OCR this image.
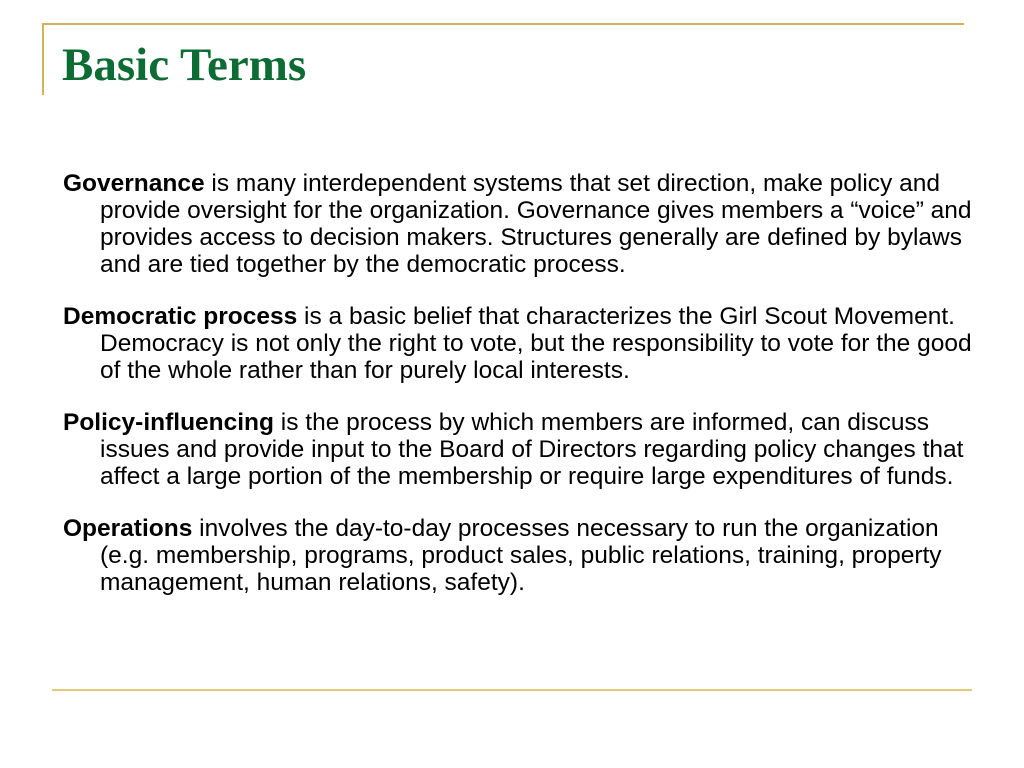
Basic Terms

Governance is many interdependent systems that set direction, make policy and provide oversight for the organization. Governance gives members a “voice” and provides access to decision makers. Structures generally are defined by bylaws and are tied together by the democratic process.

Democratic process is a basic belief that characterizes the Girl Scout Movement. Democracy is not only the right to vote, but the responsibility to vote for the good of the whole rather than for purely local interests.

Policy-influencing is the process by which members are informed, can discuss issues and provide input to the Board of Directors regarding policy changes that affect a large portion of the membership or require large expenditures of funds.

Operations involves the day-to-day processes necessary to run the organization (e.g. membership, programs, product sales, public relations, training, property management, human relations, safety).
